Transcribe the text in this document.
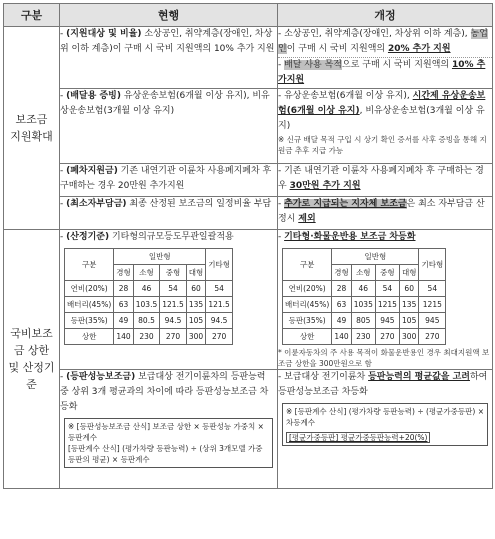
구분	현행	개정
보조금
지원확대	- (지원대상 및 비율) 소상공인, 취약계층(장애인, 차상위 이하 계층)이 구매 시 국비 지원액의 10% 추가 지원	- 소상공인, 취약계층(장애인, 차상위 이하 계층), 농업인이 구매 시 국비 지원액의 20% 추가 지원
- 배달 사용 목적으로 구매 시 국비 지원액의 10% 추가지원

- (배달용 증빙) 유상운송보험(6개월 이상 유지), 비유상운송보험(3개월 이상 유지)	- 유상운송보험(6개월 이상 유지), 시간제 유상운송보험(6개월 이상 유지), 비유상운송보험(3개월 이상 유지)
※ 신규 배달 목적 구입 시 상기 확인 증서를 사후 증빙을 통해 지원금 추후 지급 가능

- (폐차지원금) 기존 내연기관 이륜차 사용폐지폐차 후 구매하는 경우 20만원 추가지원	- 기존 내연기관 이륜차 사용폐지폐차 후 구매하는 경우 30만원 추가 지원
- (최소자부담금) 최종 산정된 보조금의 일정비율 부담	- 추가로 지급되는 지자체 보조금은 최소 자부담금 산정시 제외
국비보조
금 상한
및 산정기
준	- (산정기준) 기타형의규모등도무관일괄적용
구분	일반형	기타형
경형	소형	중형	대형
연비(20%)	28	46	54	60	54
배터리(45%)	63	103.5	121.5	135	121.5
등판(35%)	49	80.5	94.5	105	94.5
상한	140	230	270	300	270
	- 기타형·화물운반용 보조금 차등화
구분	일반형	기타형
경형	소형	중형	대형
연비(20%)	28	46	54	60	54
배터리(45%)	63	1035	1215	135	1215
등판(35%)	49	805	945	105	945
상한	140	230	270	300	270
* 이륜자동차의 주 사용 목적이 화물운반용인 경우 최대지원액 보조금 상한을 300만원으로 함

- (등판성능보조금) 보급대상 전기이륜차의 등판능력 중 상위 3개 평균과의 차이에 따라 등판성능보조금 차등화
※ [등판성능보조금 산식] 보조금 상한 × 등판성능 가중치 × 등판계수
[등판계수 산식] (평가차량 등판능력) ÷ (상위 3개모델 가중등판의 평균) × 등판계수
	- 보급대상 전기이륜차 등판능력의 평균값을 고려하여 등판성능보조금 차등화
※ [등판계수 산식] (평가차량 등판능력) ÷ (평균가중등판) × 차등계수
[평균가중등판] 평균가중등판능력+20(%)
